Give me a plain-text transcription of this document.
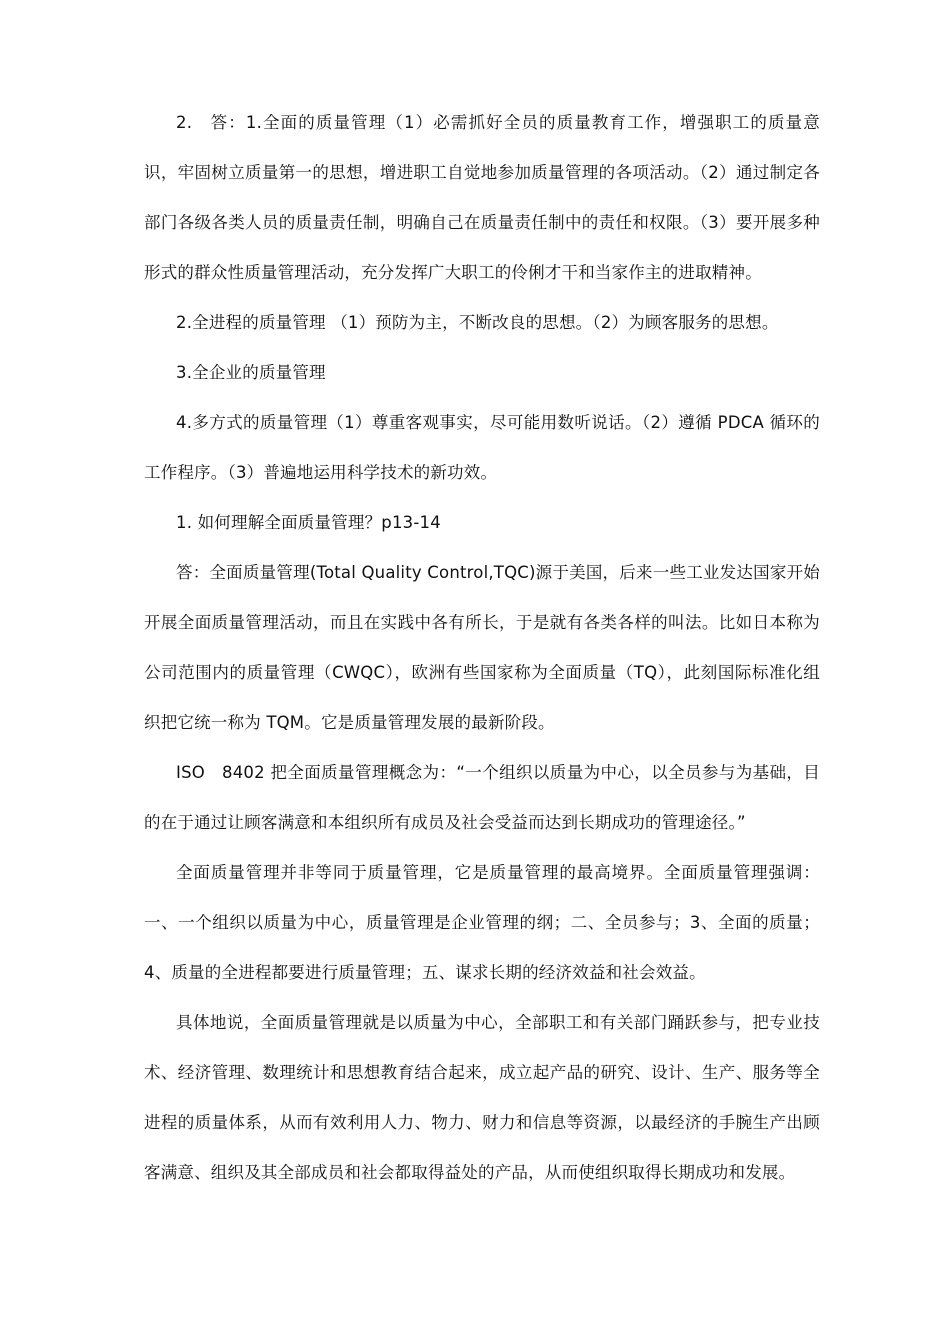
2.　答：1.全面的质量管理（1）必需抓好全员的质量教育工作，增强职工的质量意识，牢固树立质量第一的思想，增进职工自觉地参加质量管理的各项活动。（2）通过制定各部门各级各类人员的质量责任制，明确自己在质量责任制中的责任和权限。（3）要开展多种形式的群众性质量管理活动，充分发挥广大职工的伶俐才干和当家作主的进取精神。

2.全进程的质量管理 （1）预防为主，不断改良的思想。（2）为顾客服务的思想。

3.全企业的质量管理

4.多方式的质量管理（1）尊重客观事实，尽可能用数听说话。（2）遵循 PDCA 循环的工作程序。（3）普遍地运用科学技术的新功效。

1. 如何理解全面质量管理？p13-14

答：全面质量管理(Total Quality Control,TQC)源于美国，后来一些工业发达国家开始开展全面质量管理活动，而且在实践中各有所长，于是就有各类各样的叫法。比如日本称为公司范围内的质量管理（CWQC），欧洲有些国家称为全面质量（TQ），此刻国际标准化组织把它统一称为 TQM。它是质量管理发展的最新阶段。

ISO　8402 把全面质量管理概念为：“一个组织以质量为中心，以全员参与为基础，目的在于通过让顾客满意和本组织所有成员及社会受益而达到长期成功的管理途径。”

全面质量管理并非等同于质量管理，它是质量管理的最高境界。全面质量管理强调：一、一个组织以质量为中心，质量管理是企业管理的纲；二、全员参与；3、全面的质量；4、质量的全进程都要进行质量管理；五、谋求长期的经济效益和社会效益。

具体地说，全面质量管理就是以质量为中心，全部职工和有关部门踊跃参与，把专业技术、经济管理、数理统计和思想教育结合起来，成立起产品的研究、设计、生产、服务等全进程的质量体系，从而有效利用人力、物力、财力和信息等资源，以最经济的手腕生产出顾客满意、组织及其全部成员和社会都取得益处的产品，从而使组织取得长期成功和发展。
